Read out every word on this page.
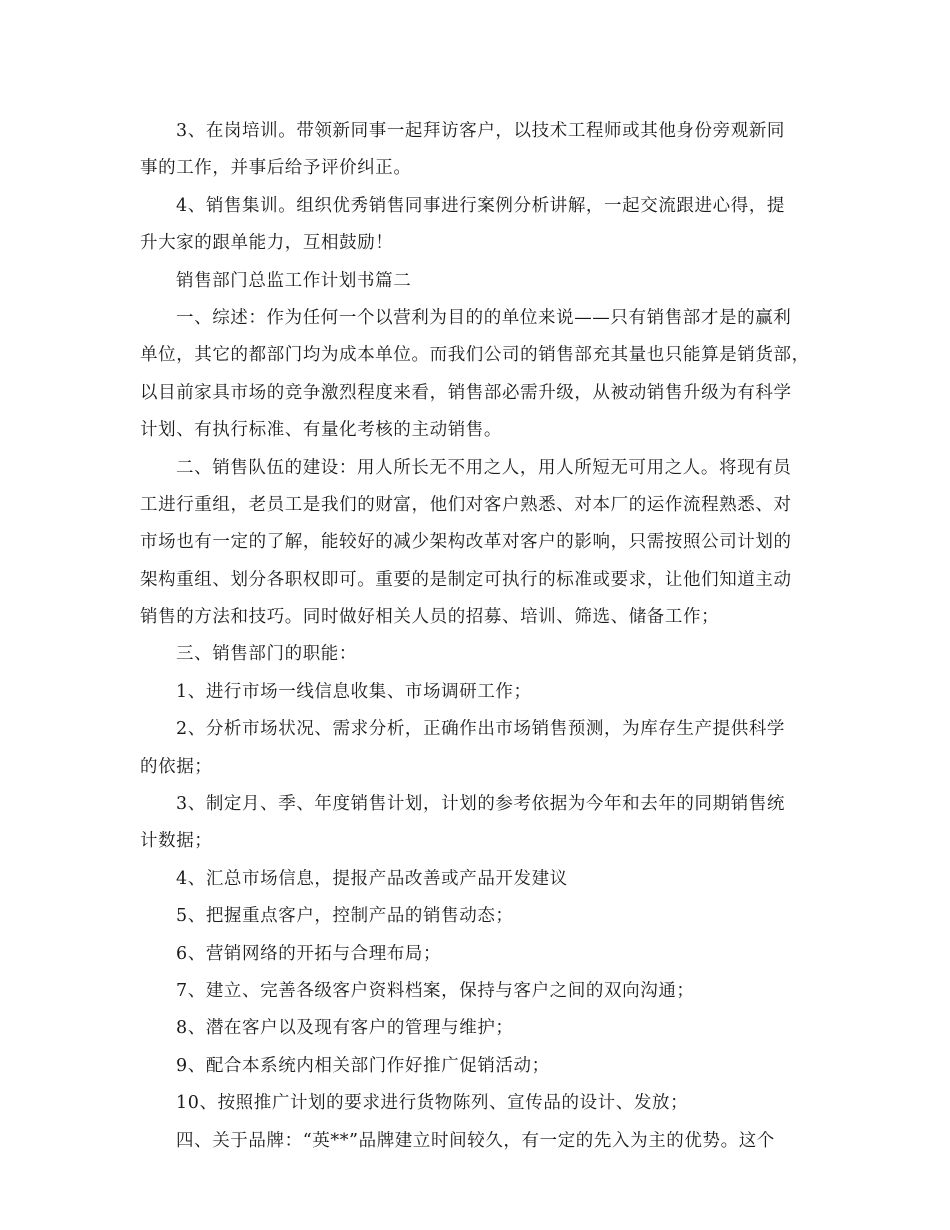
3、在岗培训。带领新同事一起拜访客户，以技术工程师或其他身份旁观新同
事的工作，并事后给予评价纠正。
4、销售集训。组织优秀销售同事进行案例分析讲解，一起交流跟进心得，提
升大家的跟单能力，互相鼓励！
销售部门总监工作计划书篇二
一、综述：作为任何一个以营利为目的的单位来说——只有销售部才是的赢利
单位，其它的都部门均为成本单位。而我们公司的销售部充其量也只能算是销货部，
以目前家具市场的竞争激烈程度来看，销售部必需升级，从被动销售升级为有科学
计划、有执行标准、有量化考核的主动销售。
二、销售队伍的建设：用人所长无不用之人，用人所短无可用之人。将现有员
工进行重组，老员工是我们的财富，他们对客户熟悉、对本厂的运作流程熟悉、对
市场也有一定的了解，能较好的减少架构改革对客户的影响，只需按照公司计划的
架构重组、划分各职权即可。重要的是制定可执行的标准或要求，让他们知道主动
销售的方法和技巧。同时做好相关人员的招募、培训、筛选、储备工作；
三、销售部门的职能：
1、进行市场一线信息收集、市场调研工作；
2、分析市场状况、需求分析，正确作出市场销售预测，为库存生产提供科学
的依据；
3、制定月、季、年度销售计划，计划的参考依据为今年和去年的同期销售统
计数据；
4、汇总市场信息，提报产品改善或产品开发建议
5、把握重点客户，控制产品的销售动态；
6、营销网络的开拓与合理布局；
7、建立、完善各级客户资料档案，保持与客户之间的双向沟通；
8、潜在客户以及现有客户的管理与维护；
9、配合本系统内相关部门作好推广促销活动；
10、按照推广计划的要求进行货物陈列、宣传品的设计、发放；
四、关于品牌：“英**”品牌建立时间较久，有一定的先入为主的优势。这个
